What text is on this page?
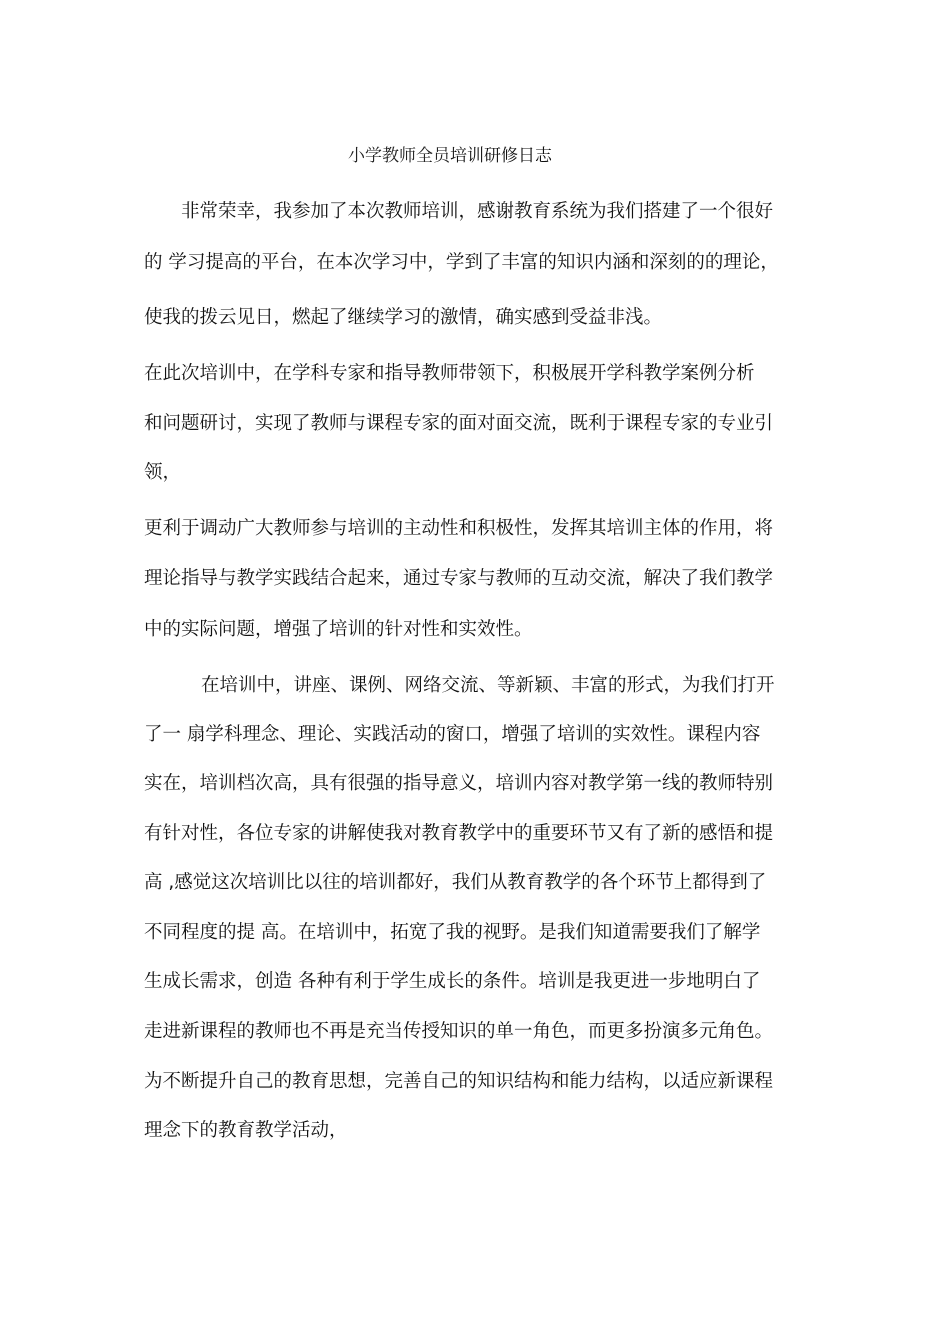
小学教师全员培训研修日志
非常荣幸，我参加了本次教师培训，感谢教育系统为我们搭建了一个很好
的 学习提高的平台，在本次学习中，学到了丰富的知识内涵和深刻的的理论，
使我的拨云见日，燃起了继续学习的激情，确实感到受益非浅。
在此次培训中，在学科专家和指导教师带领下，积极展开学科教学案例分析
和问题研讨，实现了教师与课程专家的面对面交流，既利于课程专家的专业引
领，
更利于调动广大教师参与培训的主动性和积极性，发挥其培训主体的作用，将
理论指导与教学实践结合起来，通过专家与教师的互动交流，解决了我们教学
中的实际问题，增强了培训的针对性和实效性。
在培训中，讲座、课例、网络交流、等新颖、丰富的形式，为我们打开
了一 扇学科理念、理论、实践活动的窗口，增强了培训的实效性。课程内容
实在，培训档次高，具有很强的指导意义，培训内容对教学第一线的教师特别
有针对性，各位专家的讲解使我对教育教学中的重要环节又有了新的感悟和提
高 ,感觉这次培训比以往的培训都好，我们从教育教学的各个环节上都得到了
不同程度的提 高。在培训中，拓宽了我的视野。是我们知道需要我们了解学
生成长需求，创造 各种有利于学生成长的条件。培训是我更进一步地明白了
走进新课程的教师也不再是充当传授知识的单一角色，而更多扮演多元角色。
为不断提升自己的教育思想，完善自己的知识结构和能力结构，以适应新课程
理念下的教育教学活动，
